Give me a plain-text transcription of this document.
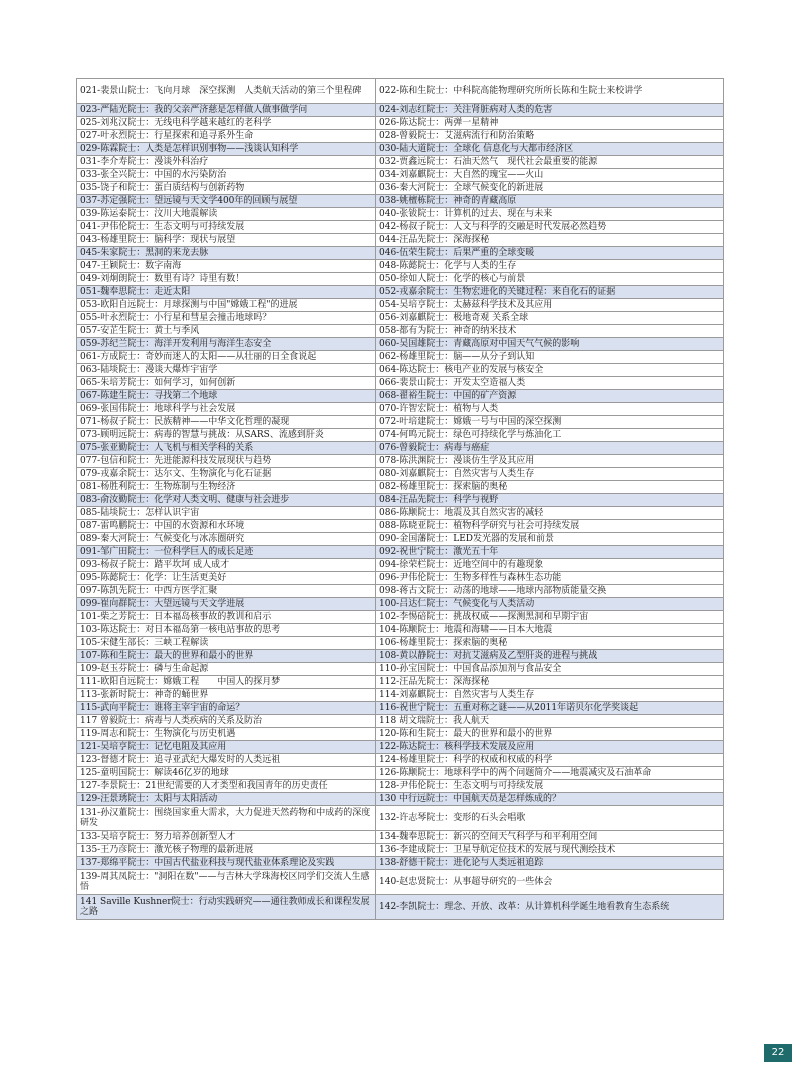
021-裴景山院士：飞向月球　深空探测　人类航天活动的第三个里程碑	022-陈和生院士：中科院高能物理研究所所长陈和生院士来校讲学
023-严陆光院士：我的父亲严济慈是怎样做人做事做学问	024-刘志红院士：关注肾脏病对人类的危害
025-刘兆汉院士：无线电科学越来越红的老科学	026-陈达院士：两弹一星精神
027-叶永烈院士：行星探索和追寻系外生命	028-曾毅院士：艾滋病流行和防治策略
029-陈霖院士：人类是怎样识别事物——浅谈认知科学	030-陆大道院士：全球化 信息化与大都市经济区
031-李介寿院士：漫谈外科治疗	032-贾鑫远院士：石油天然气　现代社会最重要的能源
033-张全兴院士：中国的水污染防治	034-刘嘉麒院士：大自然的瑰宝——火山
035-饶子和院士：蛋白质结构与创新药物	036-秦大河院士：全球气候变化的新进展
037-苏定强院士：望远镜与天文学400年的回顾与展望	038-姚檀栋院士：神奇的青藏高原
039-陈运泰院士：汶川大地震解读	040-张钹院士：计算机的过去、现在与未来
041-尹伟伦院士：生态文明与可持续发展	042-杨叔子院士：人文与科学的交融是时代发展必然趋势
043-杨雄里院士：脑科学：现状与展望	044-汪品先院士：深海探秘
045-朱家院士：黑洞的来龙去脉	046-伍荣生院士：后果严重的全球变暖
047-王颖院士：数字南海	048-陈懿院士：化学与人类的生存
049-刘炯朗院士：数里有诗？诗里有数！	050-徐如人院士：化学的核心与前景
051-魏奉思院士：走近太阳	052-戎嘉余院士：生物宏进化的关键过程：来自化石的证据
053-欧阳自远院士：月球探测与中国"嫦娥工程"的进展	054-吴培亨院士：太赫兹科学技术及其应用
055-叶永烈院士：小行星和彗星会撞击地球吗？	056-刘嘉麒院士：极地奇观 关系全球
057-安芷生院士：黄土与季风	058-都有为院士：神奇的纳米技术
059-苏纪兰院士：海洋开发利用与海洋生态安全	060-吴国雄院士：青藏高原对中国天气气候的影响
061-方成院士：奇妙而迷人的太阳——从壮丽的日全食说起	062-杨雄里院士：脑——从分子到认知
063-陆埮院士：漫谈大爆炸宇宙学	064-陈达院士：核电产业的发展与核安全
065-朱培芳院士：如何学习，如何创新	066-裴景山院士：开发太空造福人类
067-陈建生院士：寻找第二个地球	068-翟裕生院士：中国的矿产资源
069-张国伟院士：地球科学与社会发展	070-许智宏院士：植物与人类
071-杨叔子院士：民族精神——中华文化哲理的凝现	072-叶培建院士：嫦娥一号与中国的深空探测
073-顾明远院士：病毒的智慧与挑战：从SARS、流感到肝炎	074-何鸣元院士：绿色可持续化学与炼油化工
075-张亚勤院士：人飞机与相关学科的关系	076-曾毅院士：病毒与癌症
077-包信和院士：先进能源科技发展现状与趋势	078-陈洪渊院士：漫谈仿生学及其应用
079-戎嘉余院士：达尔文、生物演化与化石证据	080-刘嘉麒院士：自然灾害与人类生存
081-杨胜利院士：生物炼制与生物经济	082-杨雄里院士：探索脑的奥秘
083-俞汝勤院士：化学对人类文明、健康与社会进步	084-汪品先院士：科学与视野
085-陆埮院士：怎样认识宇宙	086-陈颙院士：地震及其自然灾害的减轻
087-雷鸣鹏院士：中国的水资源和水环境	088-陈晓亚院士：植物科学研究与社会可持续发展
089-秦大河院士：气候变化与冰冻圈研究	090-金国藩院士：LED发光器的发展和前景
091-邹广田院士：一位科学巨人的成长足迹	092-祝世宁院士：激光五十年
093-杨叔子院士：踏平坎坷 成人成才	094-徐荣栏院士：近地空间中的有趣现象
095-陈懿院士：化学：让生活更美好	096-尹伟伦院士：生物多样性与森林生态功能
097-陈凯先院士：中西方医学汇聚	098-蒋古文院士：动荡的地球——地球内部物质能量交换
099-崔向群院士：大望远镜与天文学进展	100-吕达仁院士：气候变化与人类活动
101-柴之芳院士：日本福岛核事故的教训和启示	102-李惕碚院士：挑战权威——探测黑洞和早期宇宙
103-陈达院士：对日本福岛第一核电站事故的思考	104-陈颙院士：地震和海啸——日本大地震
105-宋健生部长：三峡工程解读	106-杨雄里院士：探索脑的奥秘
107-陈和生院士：最大的世界和最小的世界	108-黄以静院士：对抗艾滋病及乙型肝炎的进程与挑战
109-赵玉芬院士：磷与生命起源	110-孙宝国院士：中国食品添加剂与食品安全
111-欧阳自远院士：嫦娥工程　　中国人的探月梦	112-汪品先院士：深海探秘
113-张新时院士：神奇的蛹世界	114-刘嘉麒院士：自然灾害与人类生存
115-武向平院士：谁将主宰宇宙的命运？	116-祝世宁院士：五重对称之谜——从2011年诺贝尔化学奖谈起
117 曾毅院士：病毒与人类疾病的关系及防治	118 胡文瑞院士：我人航天
119-周志和院士：生物演化与历史机遇	120-陈和生院士：最大的世界和最小的世界
121-吴培亨院士：记忆电阻及其应用	122-陈达院士：核科学技术发展及应用
123-督德才院士：追寻亚武纪大爆发时的人类远祖	124-杨雄里院士：科学的权威和权威的科学
125-童明国院士：解读46亿岁的地球	126-陈颙院士：地球科学中的两个问题简介——地震减灾及石油革命
127-李景院士：21世纪需要的人才类型和我国青年的历史责任	128-尹伟伦院士：生态文明与可持续发展
129-汪景琇院士：太阳与太阳活动	130 中行远院士：中国航天员是怎样炼成的？
131-孙汉董院士：围绕国家重大需求，大力促进天然药物和中成药的深度研发	132-许志琴院士：变形的石头会唱歌
133-吴培亨院士：努力培养创新型人才	134-魏奉思院士：新兴的空间天气科学与和平利用空间
135-王乃彦院士：激光核子物理的最新进展	136-李建成院士：卫星导航定位技术的发展与现代测绘技术
137-郑绵平院士：中国古代盐业科技与现代盐业体系理论及实践	138-舒德干院士：进化论与人类远祖追踪
139-周其凤院士："洞阳在数"——与吉林大学珠海校区同学们交流人生感悟	140-赵忠贤院士：从事超导研究的一些体会
141 Saville Kushner院士：行动实践研究——通往教师成长和课程发展之路	142-李凯院士：理念、开放、改革：从计算机科学诞生地看教育生态系统
22
